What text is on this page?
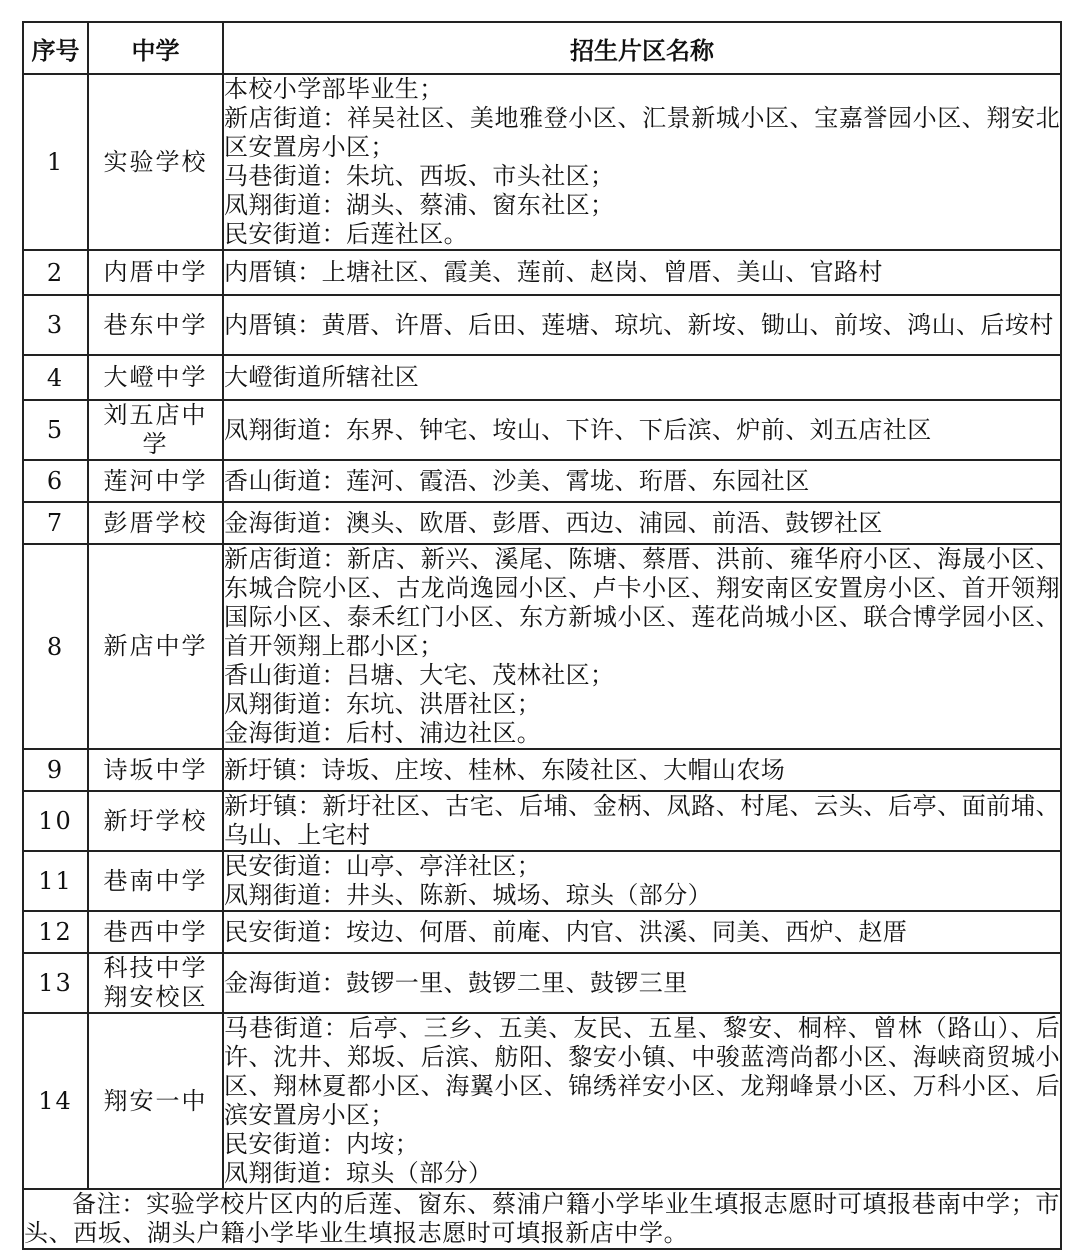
序号	中学	招生片区名称
1	实验学校	本校小学部毕业生；
新店街道：祥吴社区、美地雅登小区、汇景新城小区、宝嘉誉园小区、翔安北区安置房小区；
马巷街道：朱坑、西坂、市头社区；
凤翔街道：湖头、蔡浦、窗东社区；
民安街道：后莲社区。
2	内厝中学	内厝镇：上塘社区、霞美、莲前、赵岗、曾厝、美山、官路村
3	巷东中学	内厝镇：黄厝、许厝、后田、莲塘、琼坑、新垵、锄山、前垵、鸿山、后垵村
4	大嶝中学	大嶝街道所辖社区
5	刘五店中学	凤翔街道：东界、钟宅、垵山、下许、下后滨、炉前、刘五店社区
6	莲河中学	香山街道：莲河、霞浯、沙美、霄垅、珩厝、东园社区
7	彭厝学校	金海街道：澳头、欧厝、彭厝、西边、浦园、前浯、鼓锣社区
8	新店中学	新店街道：新店、新兴、溪尾、陈塘、蔡厝、洪前、雍华府小区、海晟小区、东城合院小区、古龙尚逸园小区、卢卡小区、翔安南区安置房小区、首开领翔国际小区、泰禾红门小区、东方新城小区、莲花尚城小区、联合博学园小区、首开领翔上郡小区；
香山街道：吕塘、大宅、茂林社区；
凤翔街道：东坑、洪厝社区；
金海街道：后村、浦边社区。
9	诗坂中学	新圩镇：诗坂、庄垵、桂林、东陵社区、大帽山农场
10	新圩学校	新圩镇：新圩社区、古宅、后埔、金柄、凤路、村尾、云头、后亭、面前埔、乌山、上宅村
11	巷南中学	民安街道：山亭、亭洋社区；
凤翔街道：井头、陈新、城场、琼头（部分）
12	巷西中学	民安街道：垵边、何厝、前庵、内官、洪溪、同美、西炉、赵厝
13	科技中学翔安校区	金海街道：鼓锣一里、鼓锣二里、鼓锣三里
14	翔安一中	马巷街道：后亭、三乡、五美、友民、五星、黎安、桐梓、曾林（路山）、后许、沈井、郑坂、后滨、舫阳、黎安小镇、中骏蓝湾尚都小区、海峡商贸城小区、翔林夏都小区、海翼小区、锦绣祥安小区、龙翔峰景小区、万科小区、后滨安置房小区；
民安街道：内垵；
凤翔街道：琼头（部分）
备注：实验学校片区内的后莲、窗东、蔡浦户籍小学毕业生填报志愿时可填报巷南中学；市头、西坂、湖头户籍小学毕业生填报志愿时可填报新店中学。		
